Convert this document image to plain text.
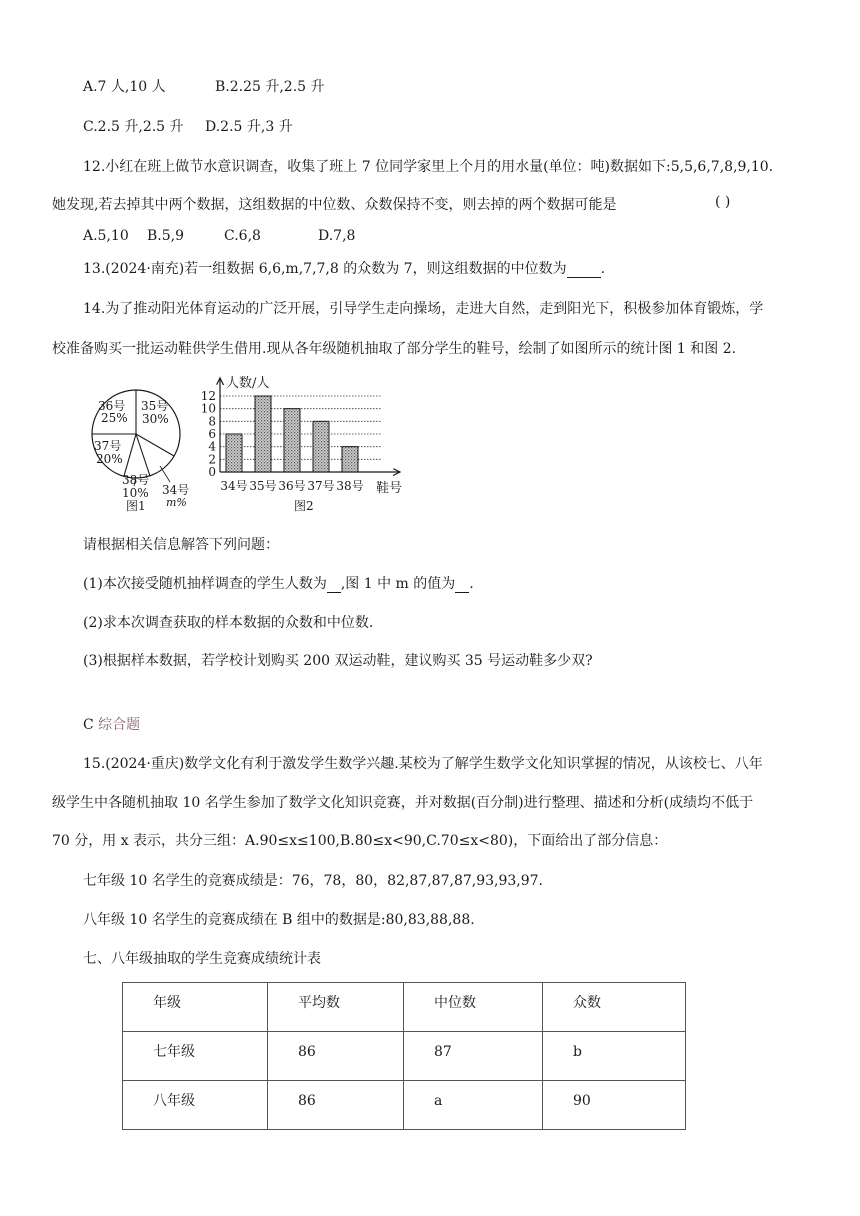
A.7 人,10 人	B.2.25 升,2.5 升
C.2.5 升,2.5 升 D.2.5 升,3 升
12.小红在班上做节水意识调查，收集了班上 7 位同学家里上个月的用水量(单位：吨)数据如下:5,5,6,7,8,9,10.
她发现,若去掉其中两个数据，这组数据的中位数、众数保持不变，则去掉的两个数据可能是	( )
A.5,10 B.5,9	C.6,8	D.7,8
13.(2024·南充)若一组数据 6,6,m,7,7,8 的众数为 7，则这组数据的中位数为 .
14.为了推动阳光体育运动的广泛开展，引导学生走向操场，走进大自然，走到阳光下，积极参加体育锻炼，学
校准备购买一批运动鞋供学生借用.现从各年级随机抽取了部分学生的鞋号，绘制了如图所示的统计图 1 和图 2.
36号
25%
35号
30%
37号
20%
34号
m%
38号
10%
图1
人数/人
鞋号
0
2
4
6
8
10
12
34号 35号 36号 37号 38号
图2
请根据相关信息解答下列问题：
(1)本次接受随机抽样调查的学生人数为 ,图 1 中 m 的值为 .
(2)求本次调查获取的样本数据的众数和中位数.
(3)根据样本数据，若学校计划购买 200 双运动鞋，建议购买 35 号运动鞋多少双?
C 综合题
15.(2024·重庆)数学文化有利于激发学生数学兴趣.某校为了解学生数学文化知识掌握的情况，从该校七、八年
级学生中各随机抽取 10 名学生参加了数学文化知识竞赛，并对数据(百分制)进行整理、描述和分析(成绩均不低于
70 分，用 x 表示，共分三组：A.90≤x≤100,B.80≤x<90,C.70≤x<80)，下面给出了部分信息：
七年级 10 名学生的竞赛成绩是：76，78，80，82,87,87,87,93,93,97.
八年级 10 名学生的竞赛成绩在 B 组中的数据是:80,83,88,88.
七、八年级抽取的学生竞赛成绩统计表
年级	平均数	中位数	众数
七年级	86	87	b
八年级	86	a	90
